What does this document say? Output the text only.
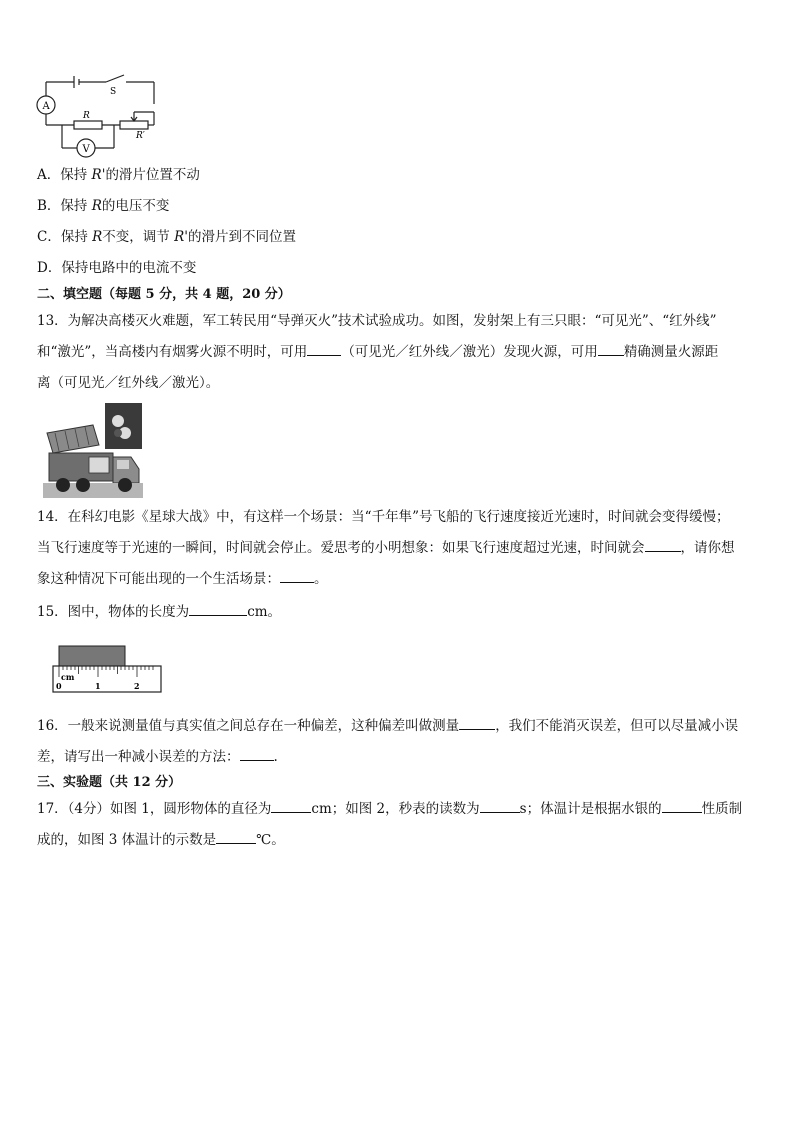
A
V
S
R
R′
A．保持 R'的滑片位置不动
B．保持 R的电压不变
C．保持 R不变，调节 R'的滑片到不同位置
D．保持电路中的电流不变
二、填空题（每题 5 分，共 4 题，20 分）
13．为解决高楼灭火难题，军工转民用“导弹灭火”技术试验成功。如图，发射架上有三只眼：“可见光”、“红外线”
和“激光”，当高楼内有烟雾火源不明时，可用	（可见光／红外线／激光）发现火源，可用 精确测量火源距
离（可见光／红外线／激光）。
14．在科幻电影《星球大战》中，有这样一个场景：当“千年隼”号飞船的飞行速度接近光速时，时间就会变得缓慢；
当飞行速度等于光速的一瞬间，时间就会停止。爱思考的小明想象：如果飞行速度超过光速，时间就会	，请你想
象这种情况下可能出现的一个生活场景：	。
15．图中，物体的长度为	cm。
cm
0	1	2
16．一般来说测量值与真实值之间总存在一种偏差，这种偏差叫做测量	，我们不能消灭误差，但可以尽量减小误
差，请写出一种减小误差的方法：	.
三、实验题（共 12 分）
17．（4分）如图 1，圆形物体的直径为	cm；如图 2，秒表的读数为	s；体温计是根据水银的	性质制
成的，如图 3 体温计的示数是	℃。
